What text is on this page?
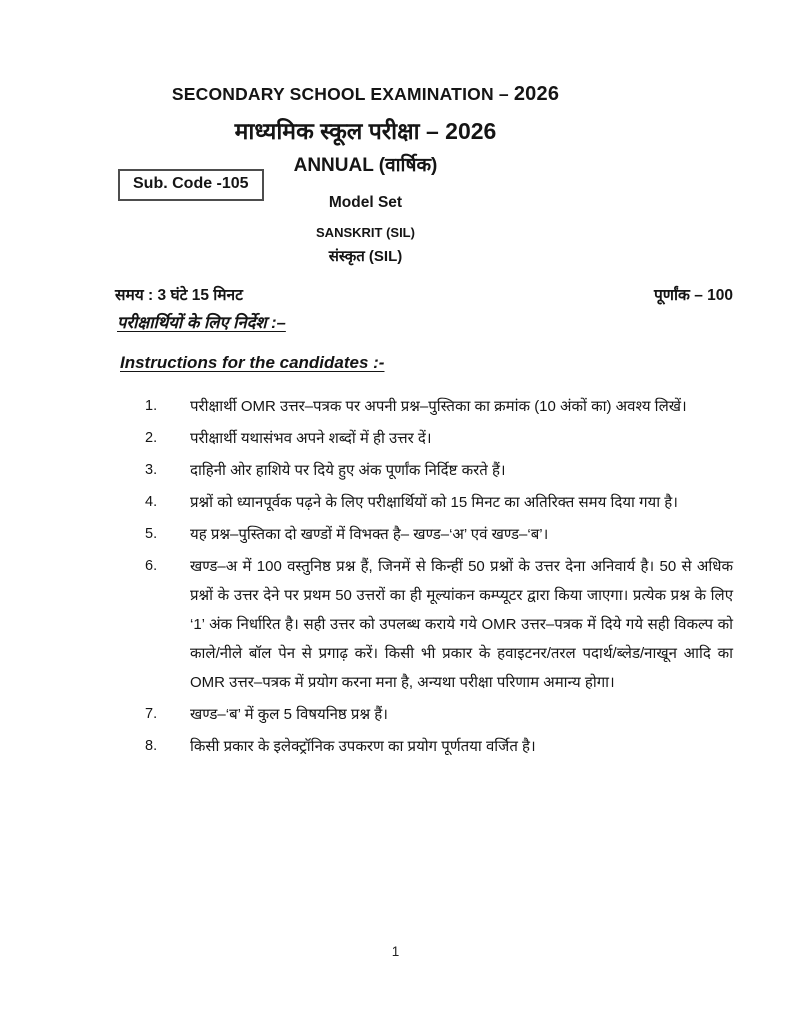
SECONDARY SCHOOL EXAMINATION – 2026
माध्यमिक स्कूल परीक्षा – 2026
ANNUAL (वार्षिक)
Model Set
SANSKRIT (SIL)
संस्कृत (SIL)
Sub. Code -105
समय : 3 घंटे 15 मिनट	पूर्णांक – 100
परीक्षार्थियों के लिए निर्देश :–
Instructions for the candidates :-
1.	परीक्षार्थी OMR उत्तर–पत्रक पर अपनी प्रश्न–पुस्तिका का क्रमांक (10 अंकों का) अवश्य लिखें।
2.	परीक्षार्थी यथासंभव अपने शब्दों में ही उत्तर दें।
3.	दाहिनी ओर हाशिये पर दिये हुए अंक पूर्णांक निर्दिष्ट करते हैं।
4.	प्रश्नों को ध्यानपूर्वक पढ़ने के लिए परीक्षार्थियों को 15 मिनट का अतिरिक्त समय दिया गया है।
5.	यह प्रश्न–पुस्तिका दो खण्डों में विभक्त है– खण्ड–‘अ’ एवं खण्ड–‘ब’।
6.	खण्ड–अ में 100 वस्तुनिष्ठ प्रश्न हैं, जिनमें से किन्हीं 50 प्रश्नों के उत्तर देना अनिवार्य है। 50 से अधिक प्रश्नों के उत्तर देने पर प्रथम 50 उत्तरों का ही मूल्यांकन कम्प्यूटर द्वारा किया जाएगा। प्रत्येक प्रश्न के लिए ‘1’ अंक निर्धारित है। सही उत्तर को उपलब्ध कराये गये OMR उत्तर–पत्रक में दिये गये सही विकल्प को काले/नीले बॉल पेन से प्रगाढ़ करें। किसी भी प्रकार के हवाइटनर/तरल पदार्थ/ब्लेड/नाखून आदि का OMR उत्तर–पत्रक में प्रयोग करना मना है, अन्यथा परीक्षा परिणाम अमान्य होगा।
7.	खण्ड–‘ब’ में कुल 5 विषयनिष्ठ प्रश्न हैं।
8.	किसी प्रकार के इलेक्ट्रॉनिक उपकरण का प्रयोग पूर्णतया वर्जित है।
1
